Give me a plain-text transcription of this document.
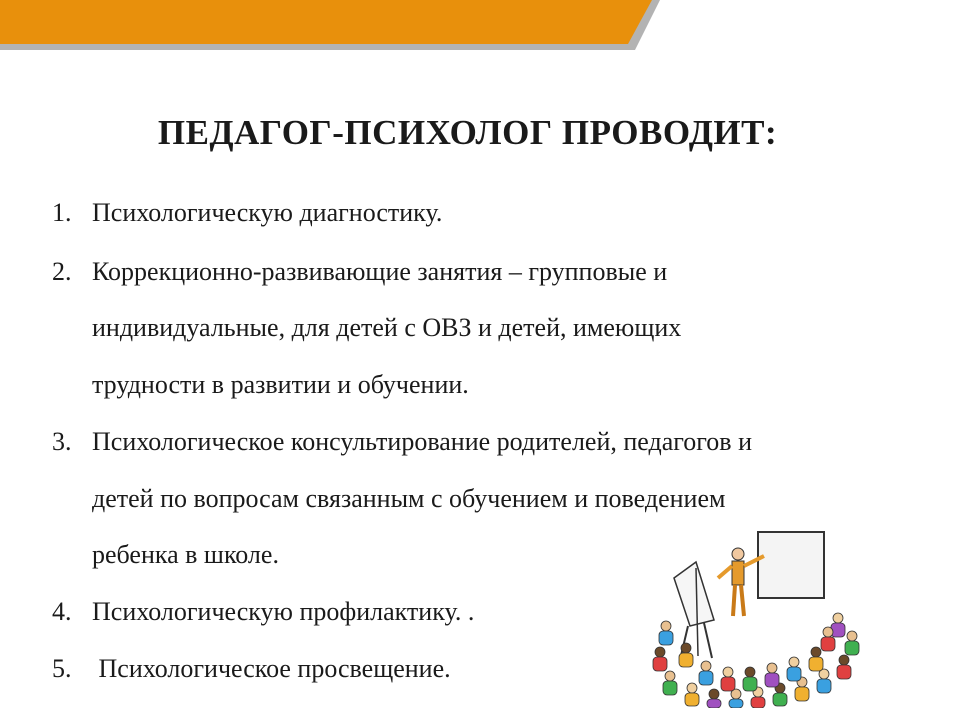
ПЕДАГОГ-ПСИХОЛОГ ПРОВОДИТ:
1. Психологическую диагностику.
2. Коррекционно-развивающие занятия – групповые и
индивидуальные, для детей с ОВЗ и детей, имеющих
трудности в развитии и обучении.
3. Психологическое консультирование родителей, педагогов и
детей по вопросам связанным с обучением и поведением
ребенка в школе.
4. Психологическую профилактику. .
5. Психологическое просвещение.
